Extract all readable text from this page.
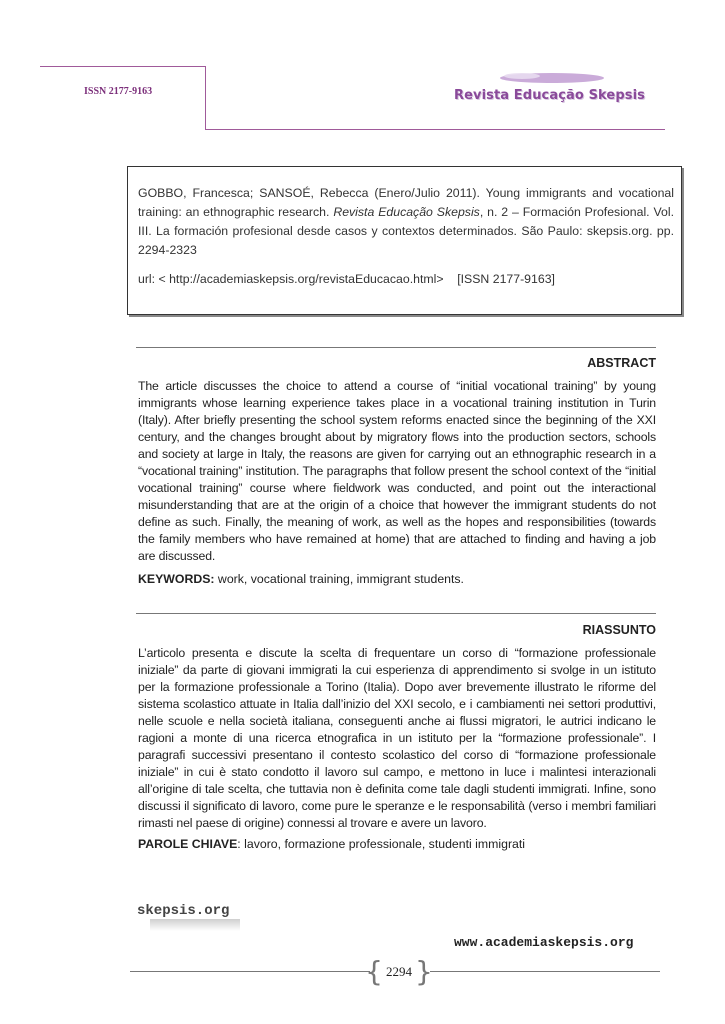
ISSN 2177-9163	Revista Educação Skepsis
GOBBO, Francesca; SANSOÉ, Rebecca (Enero/Julio 2011). Young immigrants and vocational training: an ethnographic research. Revista Educação Skepsis, n. 2 – Formación Profesional. Vol. III. La formación profesional desde casos y contextos determinados. São Paulo: skepsis.org. pp. 2294-2323
url: < http://academiaskepsis.org/revistaEducacao.html>    [ISSN 2177-9163]
ABSTRACT
The article discusses the choice to attend a course of “initial vocational training” by young immigrants whose learning experience takes place in a vocational training institution in Turin (Italy). After briefly presenting the school system reforms enacted since the beginning of the XXI century, and the changes brought about by migratory flows into the production sectors, schools and society at large in Italy, the reasons are given for carrying out an ethnographic research in a “vocational training” institution. The paragraphs that follow present the school context of the “initial vocational training” course where fieldwork was conducted, and point out the interactional misunderstanding that are at the origin of a choice that however the immigrant students do not define as such. Finally, the meaning of work, as well as the hopes and responsibilities (towards the family members who have remained at home) that are attached to finding and having a job are discussed.
KEYWORDS: work, vocational training, immigrant students.
RIASSUNTO
L’articolo presenta e discute la scelta di frequentare un corso di “formazione professionale iniziale” da parte di giovani immigrati la cui esperienza di apprendimento si svolge in un istituto per la formazione professionale a Torino (Italia). Dopo aver brevemente illustrato le riforme del sistema scolastico attuate in Italia dall’inizio del XXI secolo, e i cambiamenti nei settori produttivi, nelle scuole e nella società italiana, conseguenti anche ai flussi migratori, le autrici indicano le ragioni a monte di una ricerca etnografica in un istituto per la “formazione professionale”. I paragrafi successivi presentano il contesto scolastico del corso di “formazione professionale iniziale” in cui è stato condotto il lavoro sul campo, e mettono in luce i malintesi interazionali all’origine di tale scelta, che tuttavia non è definita come tale dagli studenti immigrati. Infine, sono discussi il significato di lavoro, come pure le speranze e le responsabilità (verso i membri familiari rimasti nel paese di origine) connessi al trovare e avere un lavoro.
PAROLE CHIAVE: lavoro, formazione professionale, studenti immigrati
skepsis.org
www.academiaskepsis.org
{ 2294 }
